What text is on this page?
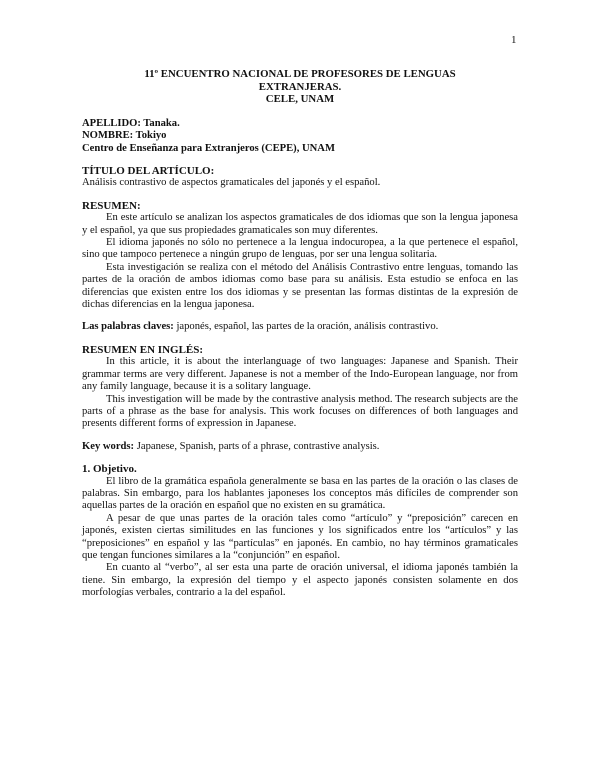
1

11º ENCUENTRO NACIONAL DE PROFESORES DE LENGUAS

EXTRANJERAS.

CELE, UNAM

APELLIDO: Tanaka.

NOMBRE: Tokiyo

Centro de Enseñanza para Extranjeros (CEPE), UNAM

TÍTULO DEL ARTÍCULO:

Análisis contrastivo de aspectos gramaticales del japonés y el español.

RESUMEN:

En este artículo se analizan los aspectos gramaticales de dos idiomas que son la lengua japonesa y el español, ya que sus propiedades gramaticales son muy diferentes.

El idioma japonés no sólo no pertenece a la lengua indocuropea, a la que pertenece el español, sino que tampoco pertenece a ningún grupo de lenguas, por ser una lengua solitaria.

Esta investigación se realiza con el método del Análisis Contrastivo entre lenguas, tomando las partes de la oración de ambos idiomas como base para su análisis. Esta estudio se enfoca en las diferencias que existen entre los dos idiomas y se presentan las formas distintas de la expresión de dichas diferencias en la lengua japonesa.

Las palabras claves: japonés, español, las partes de la oración, análisis contrastivo.

RESUMEN EN INGLÉS:

In this article, it is about the interlanguage of two languages: Japanese and Spanish. Their grammar terms are very different. Japanese is not a member of the Indo-European language, nor from any family language, because it is a solitary language.

This investigation will be made by the contrastive analysis method. The research subjects are the parts of a phrase as the base for analysis. This work focuses on differences of both languages and presents different forms of expression in Japanese.

Key words: Japanese, Spanish, parts of a phrase, contrastive analysis.

1. Objetivo.

El libro de la gramática española generalmente se basa en las partes de la oración o las clases de palabras. Sin embargo, para los hablantes japoneses los conceptos más difíciles de comprender son aquellas partes de la oración en español que no existen en su gramática.

A pesar de que unas partes de la oración tales como “artículo” y “preposición” carecen en japonés, existen ciertas similitudes en las funciones y los significados entre los “artículos” y las “preposiciones” en español y las “partículas” en japonés. En cambio, no hay términos gramaticales que tengan funciones similares a la “conjunción” en español.

En cuanto al “verbo”, al ser esta una parte de oración universal, el idioma japonés también la tiene. Sin embargo, la expresión del tiempo y el aspecto japonés consisten solamente en dos morfologías verbales, contrario a la del español.
